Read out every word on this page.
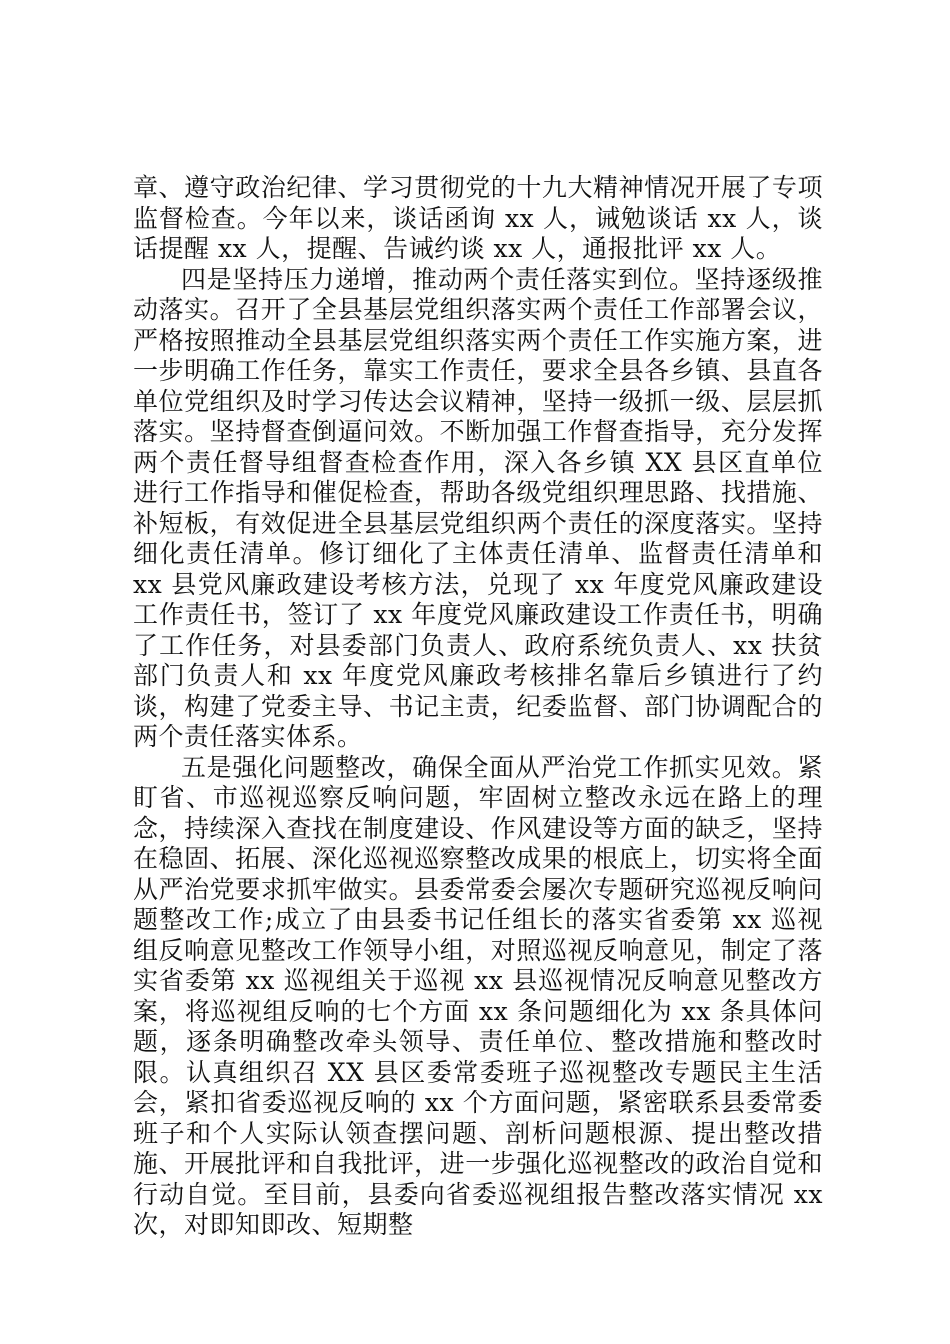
章、遵守政治纪律、学习贯彻党的十九大精神情况开展了专项监督检查。今年以来，谈话函询 xx 人，诫勉谈话 xx 人，谈话提醒 xx 人，提醒、告诫约谈 xx 人，通报批评 xx 人。

四是坚持压力递增，推动两个责任落实到位。坚持逐级推动落实。召开了全县基层党组织落实两个责任工作部署会议，严格按照推动全县基层党组织落实两个责任工作实施方案，进一步明确工作任务，靠实工作责任，要求全县各乡镇、县直各单位党组织及时学习传达会议精神，坚持一级抓一级、层层抓落实。坚持督查倒逼问效。不断加强工作督查指导，充分发挥两个责任督导组督查检查作用，深入各乡镇 XX 县区直单位进行工作指导和催促检查，帮助各级党组织理思路、找措施、补短板，有效促进全县基层党组织两个责任的深度落实。坚持细化责任清单。修订细化了主体责任清单、监督责任清单和 xx 县党风廉政建设考核方法，兑现了 xx 年度党风廉政建设工作责任书，签订了 xx 年度党风廉政建设工作责任书，明确了工作任务，对县委部门负责人、政府系统负责人、xx 扶贫部门负责人和 xx 年度党风廉政考核排名靠后乡镇进行了约谈，构建了党委主导、书记主责，纪委监督、部门协调配合的两个责任落实体系。

五是强化问题整改，确保全面从严治党工作抓实见效。紧盯省、市巡视巡察反响问题，牢固树立整改永远在路上的理念，持续深入查找在制度建设、作风建设等方面的缺乏，坚持在稳固、拓展、深化巡视巡察整改成果的根底上，切实将全面从严治党要求抓牢做实。县委常委会屡次专题研究巡视反响问题整改工作;成立了由县委书记任组长的落实省委第 xx 巡视组反响意见整改工作领导小组，对照巡视反响意见，制定了落实省委第 xx 巡视组关于巡视 xx 县巡视情况反响意见整改方案，将巡视组反响的七个方面 xx 条问题细化为 xx 条具体问题，逐条明确整改牵头领导、责任单位、整改措施和整改时限。认真组织召 XX 县区委常委班子巡视整改专题民主生活会，紧扣省委巡视反响的 xx 个方面问题，紧密联系县委常委班子和个人实际认领查摆问题、剖析问题根源、提出整改措施、开展批评和自我批评，进一步强化巡视整改的政治自觉和行动自觉。至目前，县委向省委巡视组报告整改落实情况 xx 次，对即知即改、短期整
